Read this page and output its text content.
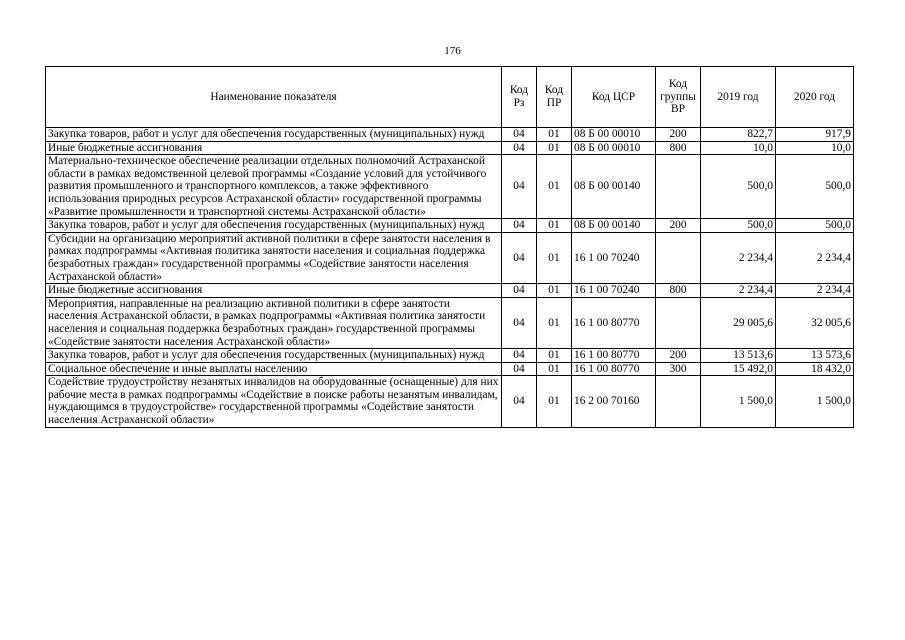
176
Наименование показателя	Код Рз	Код ПР	Код ЦСР	Код группы ВР	2019 год	2020 год
Закупка товаров, работ и услуг для обеспечения государственных (муниципальных) нужд	04	01	08 Б 00 00010	200	822,7	917,9
Иные бюджетные ассигнования	04	01	08 Б 00 00010	800	10,0	10,0
Материально-техническое обеспечение реализации отдельных полномочий Астраханской области в рамках ведомственной целевой программы «Создание условий для устойчивого развития промышленного и транспортного комплексов, а также эффективного использования природных ресурсов Астраханской области» государственной программы «Развитие промышленности и транспортной системы Астраханской области»	04	01	08 Б 00 00140		500,0	500,0
Закупка товаров, работ и услуг для обеспечения государственных (муниципальных) нужд	04	01	08 Б 00 00140	200	500,0	500,0
Субсидии на организацию мероприятий активной политики в сфере занятости населения в рамках подпрограммы «Активная политика занятости населения и социальная поддержка безработных граждан» государственной программы «Содействие занятости населения Астраханской области»	04	01	16 1 00 70240		2 234,4	2 234,4
Иные бюджетные ассигнования	04	01	16 1 00 70240	800	2 234,4	2 234,4
Мероприятия, направленные на реализацию активной политики в сфере занятости населения Астраханской области, в рамках подпрограммы «Активная политика занятости населения и социальная поддержка безработных граждан» государственной программы «Содействие занятости населения Астраханской области»	04	01	16 1 00 80770		29 005,6	32 005,6
Закупка товаров, работ и услуг для обеспечения государственных (муниципальных) нужд	04	01	16 1 00 80770	200	13 513,6	13 573,6
Социальное обеспечение и иные выплаты населению	04	01	16 1 00 80770	300	15 492,0	18 432,0
Содействие трудоустройству незанятых инвалидов на оборудованные (оснащенные) для них рабочие места в рамках подпрограммы «Содействие в поиске работы незанятым инвалидам, нуждающимся в трудоустройстве» государственной программы «Содействие занятости населения Астраханской области»	04	01	16 2 00 70160		1 500,0	1 500,0
